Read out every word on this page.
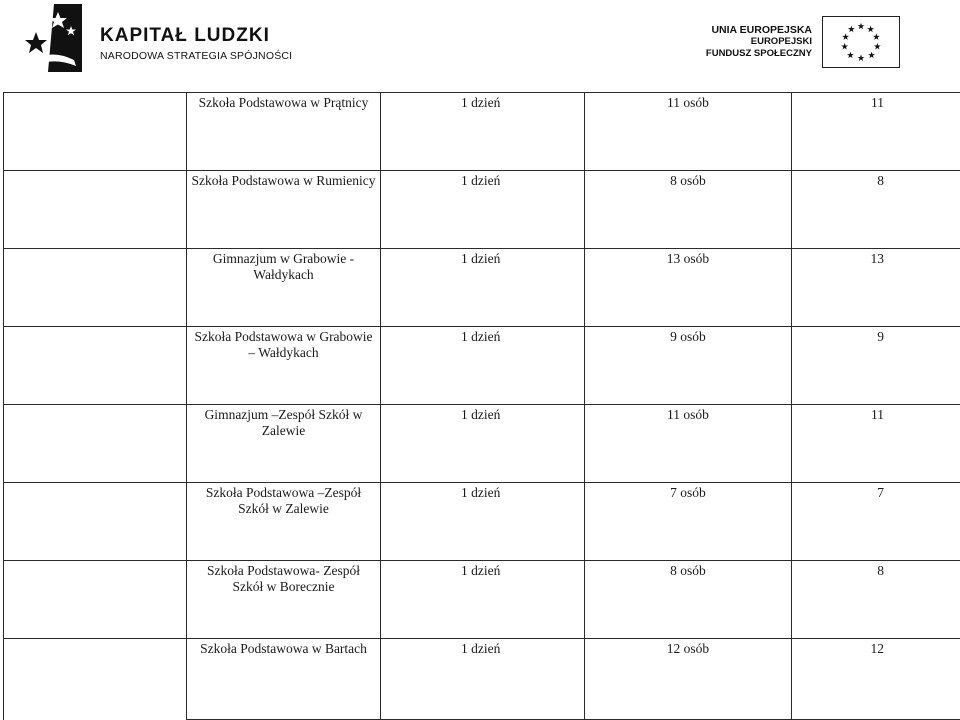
KAPITAŁ LUDZKI
NARODOWA STRATEGIA SPÓJNOŚCI
UNIA EUROPEJSKA
EUROPEJSKI
FUNDUSZ SPOŁECZNY

	Szkoła Podstawowa w Prątnicy	1 dzień	11 osób	11

	Szkoła Podstawowa w Rumienicy	1 dzień	8 osób	8

	Gimnazjum w Grabowie - Wałdykach	1 dzień	13 osób	13

	Szkoła Podstawowa w Grabowie – Wałdykach	1 dzień	9 osób	9

	Gimnazjum –Zespół Szkół w Zalewie	1 dzień	11 osób	11

	Szkoła Podstawowa –Zespół Szkół w Zalewie	1 dzień	7 osób	7

	Szkoła Podstawowa- Zespół Szkół w Borecznie	1 dzień	8 osób	8

	Szkoła Podstawowa w Bartach	1 dzień	12 osób	12
